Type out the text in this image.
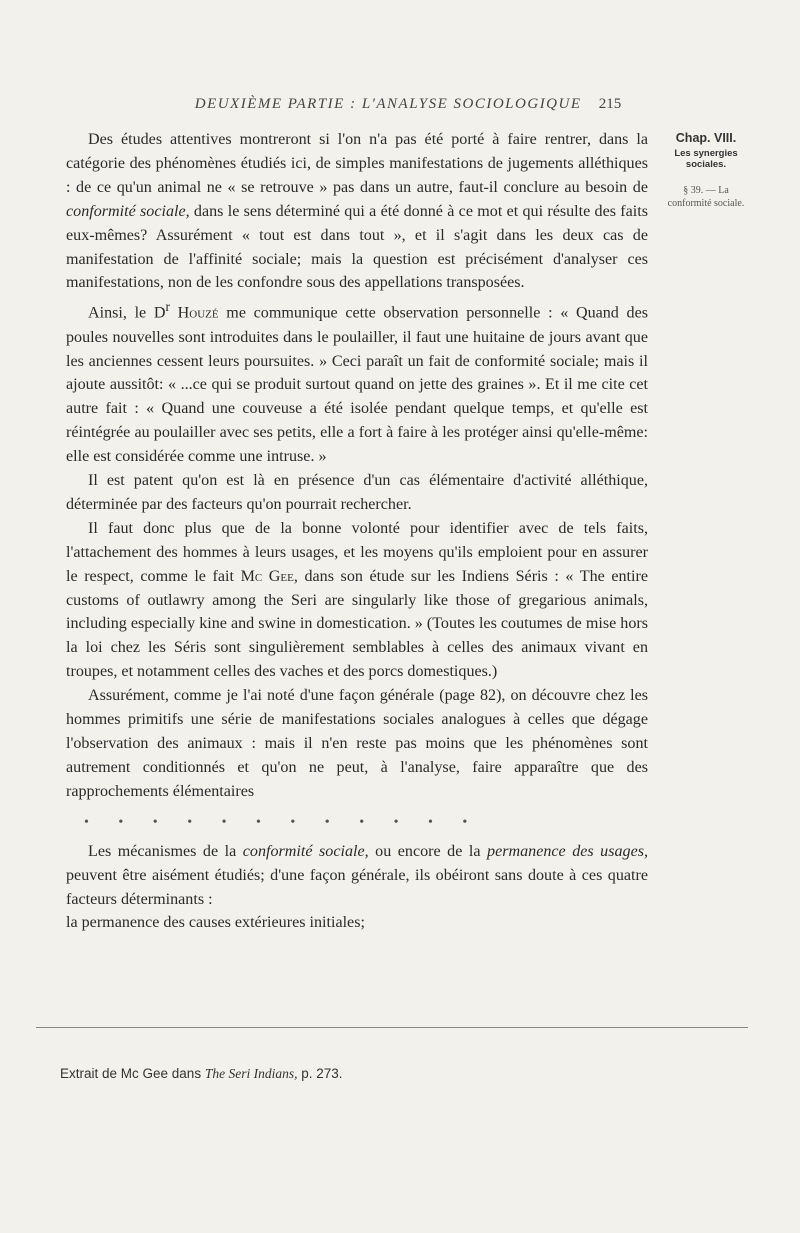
DEUXIÈME PARTIE : L'ANALYSE SOCIOLOGIQUE 215

Des études attentives montreront si l'on n'a pas été porté à faire rentrer, dans la catégorie des phénomènes étudiés ici, de simples manifestations de jugements alléthiques : de ce qu'un animal ne « se retrouve » pas dans un autre, faut-il conclure au besoin de conformité sociale, dans le sens déterminé qui a été donné à ce mot et qui résulte des faits eux-mêmes? Assurément « tout est dans tout », et il s'agit dans les deux cas de manifestation de l'affinité sociale; mais la question est précisément d'analyser ces manifestations, non de les confondre sous des appellations transposées.

Ainsi, le $D^r$ Houzé me communique cette observation personnelle : « Quand des poules nouvelles sont introduites dans le poulailler, il faut une huitaine de jours avant que les anciennes cessent leurs poursuites. » Ceci paraît un fait de conformité sociale; mais il ajoute aussitôt: « ...ce qui se produit surtout quand on jette des graines ». Et il me cite cet autre fait : « Quand une couveuse a été isolée pendant quelque temps, et qu'elle est réintégrée au poulailler avec ses petits, elle a fort à faire à les protéger ainsi qu'elle-même: elle est considérée comme une intruse. »

Il est patent qu'on est là en présence d'un cas élémentaire d'activité alléthique, déterminée par des facteurs qu'on pourrait rechercher.

Il faut donc plus que de la bonne volonté pour identifier avec de tels faits, l'attachement des hommes à leurs usages, et les moyens qu'ils emploient pour en assurer le respect, comme le fait Mc Gee, dans son étude sur les Indiens Séris : « The entire customs of outlawry among the Seri are singularly like those of gregarious animals, including especially kine and swine in domestication. » (Toutes les coutumes de mise hors la loi chez les Séris sont singulièrement semblables à celles des animaux vivant en troupes, et notamment celles des vaches et des porcs domestiques.)

Assurément, comme je l'ai noté d'une façon générale (page 82), on découvre chez les hommes primitifs une série de manifestations sociales analogues à celles que dégage l'observation des animaux : mais il n'en reste pas moins que les phénomènes sont autrement conditionnés et qu'on ne peut, à l'analyse, faire apparaître que des rapprochements élémentaires

• • • • • • • • • • • •

Les mécanismes de la conformité sociale, ou encore de la permanence des usages, peuvent être aisément étudiés; d'une façon générale, ils obéiront sans doute à ces quatre facteurs déterminants :

la permanence des causes extérieures initiales;

Chap. VIII.
Les synergies sociales.
§ 39. — La conformité sociale.
Extrait de Mc Gee dans The Seri Indians, p. 273.
